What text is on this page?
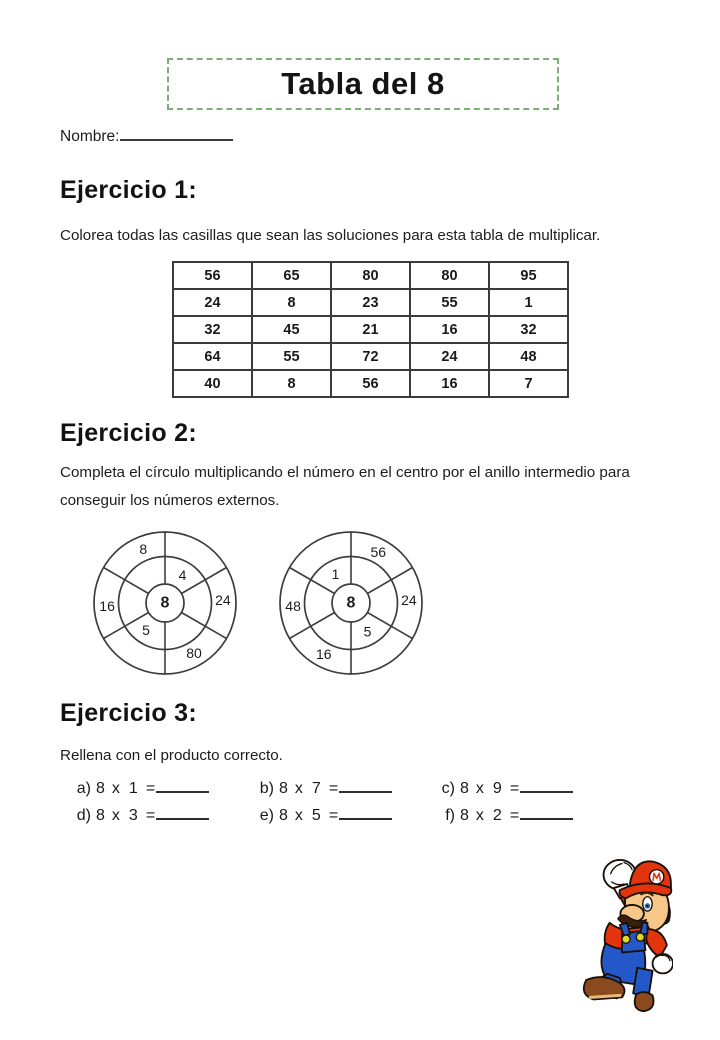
Tabla del 8
Nombre:
Ejercicio 1:

Colorea todas las casillas que sean las soluciones para esta tabla de multiplicar.

56	65	80	80	95
24	8	23	55	1
32	45	21	16	32
64	55	72	24	48
40	8	56	16	7
Ejercicio 2:

Completa el círculo multiplicando el número en el centro por el anillo intermedio para conseguir los números externos.

8
8
4
24
80
5
16	8
56
1
24
5
16
48
Ejercicio 3:

Rellena con el producto correcto.

a) 8 x 1 =	b) 8 x 7 =	c) 8 x 9 =
d) 8 x 3 =	e) 8 x 5 =	f) 8 x 2 =
